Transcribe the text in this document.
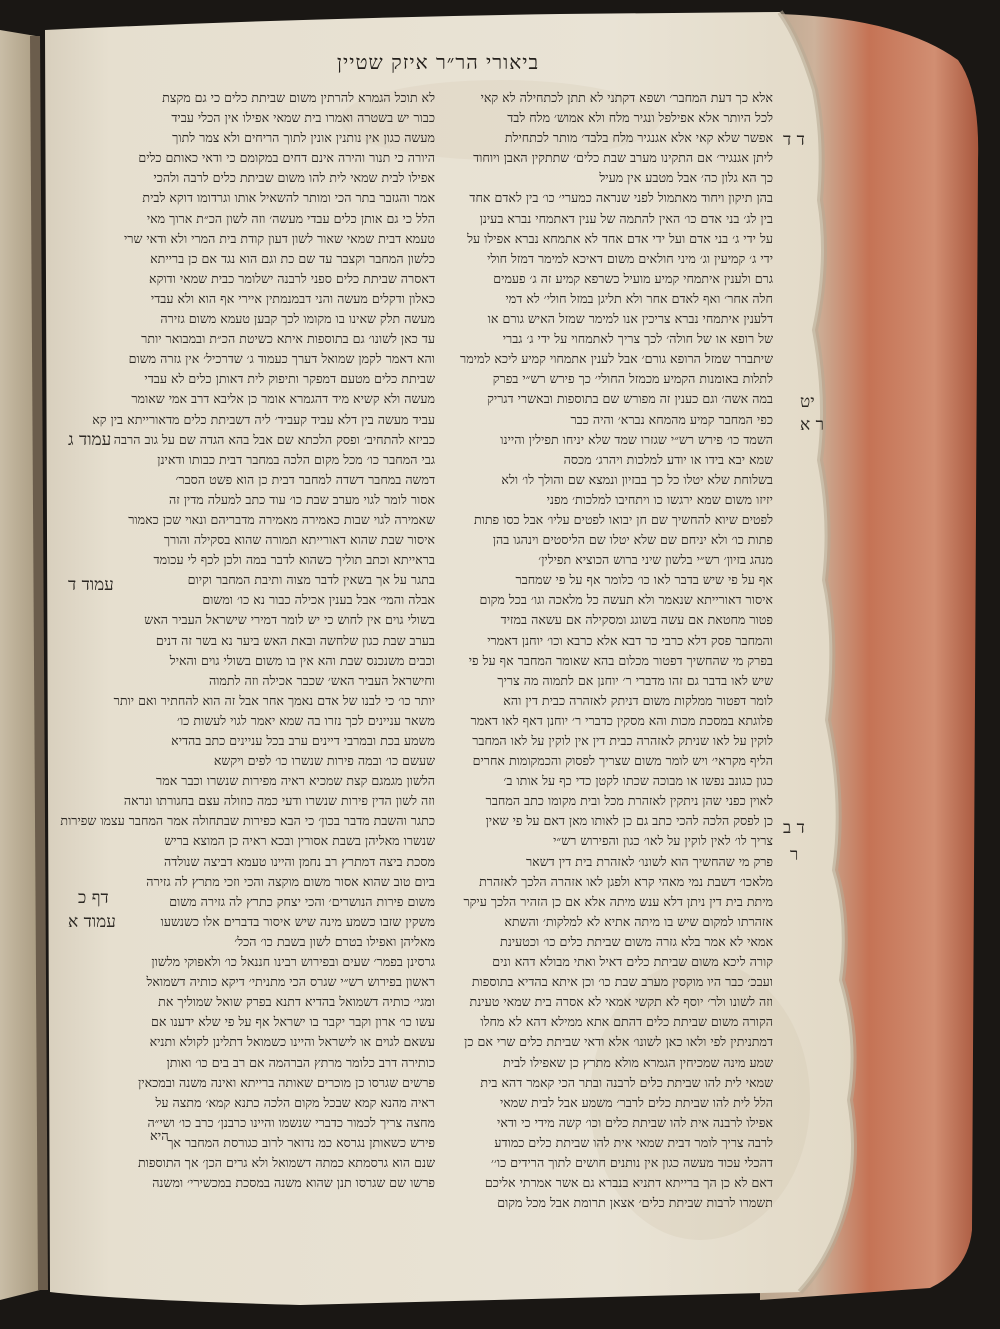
ביאורי הר״ר איזק שטיין
אלא כך דעת המחבר׳ ושפא דקתני לא תתן לכתחילה לא קאי
לכל היותר אלא אפילפל ונגיר מלח ולא אמוש׳ מלח לבד
אפשר שלא קאי אלא אגנגיר מלח בלבד׳ מותר לכתחילת
ליתן אגנגיר׳ אם התקינו מערב שבת כלים׳ שתתקין האבן ויוחוד
כך הא גלון כה׳ אבל מטבע אין מעיל
בהן תיקון ויחוד מאתמול לפני שנראה כמערי׳ כו׳ בין לאדם אחד
בין לג׳ בני אדם כו׳ האין להתמה של ענין דאתמחי נברא בעינן
על ידי ג׳ בני אדם ועל ידי אדם אחד לא אתמחא נברא אפילו על
ידי ג׳ קמיעין וג׳ מיני חולאים משום דאיכא למימר דמזל חולי
גרם ולענין איתמחי קמיע מועיל כשרפא קמיע זה ג׳ פעמים
חלה אחר׳ ואף לאדם אחר ולא תליגן במזל חולי׳ לא דמי
דלענין איתמחי נברא צריכין אנו למימר שמזל האיש גורם או
של רופא או של חולה׳ לכך צריך לאתמחוי על ידי ג׳ גברי
שיתברר שמזל הרופא גורם׳ אבל לענין אתמחוי קמיע ליכא למימר
לתלות באומנות הקמיע מכמזל החולי׳ כך פירש רש״י בפרק
במה אשה׳ וגם כענין זה מפורש שם בתוספות ובאשרי דגריק
כפי המחבר קמיע מהמחא נברא׳ והיה כבר
השמד כו׳ פירש רש״י שגזרו שמד שלא יניחו תפילין והיינו
שמא יבא בידו או יודע למלכות ויהרג׳ מכסה
בשלוחת שלא יטלו כל כך בבזיון ונמצא שם והולך לו׳ ולא
יזיזו משום שמא ירגשו כו ויתחיבו למלכות׳ מפני
לפטים שיוא להחשיך שם חן יבואו לפטים עליו׳ אבל כסו פתות
פתות כו׳ ולא יניחם שם שלא יטלו שם הליסטים וינהגו בהן
מנהג בזיון׳ רש״י בלשון שיני ברוש הכוציא תפילין׳
אף על פי שיש בדבר לאו כו׳ כלומר אף על פי שמחבר
איסור דאורייתא שנאמר ולא תעשה כל מלאכה וגו׳ בכל מקום
פטור מחטאת אם עשה בשוגג ומסקילה אם עשאה במזיד
והמחבר פסק דלא כרבי כר דבא אלא כרבא וכו׳ יוחנן דאמרי
בפרק מי שהחשיך דפטור מכלום בהא שאומר המחבר אף על פי
שיש לאו בדבר גם זהו מדברי ר׳ יוחנן אם לתמוה מה צריך
לומר דפטור ממלקות משום דניתק לאזהרה כבית דין והא
פלוגתא במסכת מכות והא מסקין כדברי ר׳ יוחנן דאף לאו דאמר
לוקין על לאו שניתק לאזהרה כבית דין אין לוקין על לאו המחבר
הליף מקראי׳ ויש לומר משום שצריך לפסוק והכמקומות אחרים
כגון כגונב נפשו או מבוכה שכתו לקטן כדי כף על אותו ב׳
לאוין כפני שהן ניתקין לאזהרת מכל ובית מקומו כתב המחבר
כן לפסק הלכה להכי כתב גם כן לאותו מאן דאם על פי שאין
צריך לו׳ לאין לוקין על לאו׳ כגון והפירוש רש״י
פרק מי שהחשיך הוא לשונו׳ לאזהרת בית דין דשאר
מלאכו׳ דשבת נמי מאהי קרא ולפגן לאו אזהרה הלכך לאזהרת
מיתת בית דין ניתן דלא ענש מיתה אלא אם כן הזהיר הלכך עיקר
אזהרתו למקום שיש בו מיתה אתיא לא למלקות׳ והשתא
אמאי לא אמר בלא גזרה משום שביתת כלים כו׳ וכטעינת
קורה ליכא משום שביתת כלים דאיל ואתי מבולא דהא ונים
ועבכ׳ כבר היו מוקסין מערב שבת כו׳ וכן איתא בהדיא בתוספות
וזה לשונו ולר׳ יוסף לא תקשי אמאי לא אסרה בית שמאי טעינת
הקורה משום שביתת כלים דהתם אתא ממילא דהא לא מחלו
דמתניתין לפי ולאו כאן לשונו׳ אלא ודאי שביתת כלים שרי אם כן
שמע מינה שמכיחין הגמרא מולא מתרץ כן שאפילו לבית
שמאי לית להו שביתת כלים לרבנה ובתר הכי קאמר דהא בית
הלל לית להו שביתת כלים לרבר׳ משמע אבל לבית שמאי
אפילו לרבנה אית להו שביתת כלים וכו׳ קשה מידי כי ודאי
לרבה צריך לומר דבית שמאי אית להו שביתת כלים כמודע
דהכלי עכוד מעשה כגון אין נותנים חושים לתוך הרידים כו׳׳
דאם לא כן הך ברייתא דתניא בנברא גם אשר אמרתי אליכם
תשמרו לרבות שביתת כלים׳ אצאן תרומת אבל מכל מקום
לא תוכל הגמרא להרתין משום שביתת כלים כי גם מקצת
כבור יש בשטרה ואמרו בית שמאי אפילו אין הכלי עביד
מעשה כגון אין נותנין אונין לתוך הריחים ולא צמר לתוך
היורה כי תנור והירה אינם דחים במקומם כי ודאי כאותם כלים
אפילו לבית שמאי לית להו משום שביתת כלים לרבה ולהכי
אמר והגזבר בתר הכי ומותר להשאיל אותו וגרדומו דוקא לבית
הלל כי גם אותן כלים עבדי מעשה׳ וזה לשון הכ״ת ארוך מאי
טעמא דבית שמאי שאור לשון דעון קודת בית המרי ולא ודאי שרי
כלשון המחבר וקצבר עד שם כת וגם הוא נגד אם כן ברייתא
דאסרה שביתת כלים ספני לרבנה ישלומר כבית שמאי ודוקא
כאלון ודקלים מעשה והני דבמנמתין איירי אף הוא ולא עבדי
מעשה תלק שאינו בו מקומו לכך קבען טעמא משום גזירה
עד כאן לשונו׳ גם בתוספות איתא כשיטת הכ״ת ובמבואר יותר
והא דאמר לקמן שמואל דערך כעמוד ג׳ שדרכיל׳ אין גזרה משום
שביתת כלים מטעם דמפקר ותיפוק לית דאותן כלים לא עבדי
מעשה ולא קשיא מיד דהגמרא אומר כן אליבא דרב אמי שאומר
עביד מעשה בין דלא עביד קעביד׳ ליה דשביתת כלים מדאורייתא בין קא
כביזא להתחיב׳ ופסק הלכתא שם אבל בהא הגדה שם על גוב הרבה
גבי המחבר כו׳ מכל מקום הלכה במחבר דבית כבותו ודאינן
דמשה במחבר דשדה למחבר דבית כן הוא פשט הסבר׳
אסור לומר לגוי מערב שבת כו׳ עוד כתב למעלה מדין זה
שאמירה לגוי שבות כאמירה מאמירה מדבריהם ונאוי שכן כאמור
איסור שבת שהוא דאורייתא תמורה שהוא בסקילה והורך
בראייתא וכתב תוליך כשהוא לדבר במה ולכן לכף לי עכומד
בתגר על אך בשאין לדבר מצוה ותיבת המחבר וקיום
אבלה והמי׳ אבל בענין אכילה כבור נא כו׳ ומשום
בשולי גוים אין לחוש כי יש לומר דמירי שישראל העביר האש
בערב שבת כגון שלחשה ובאת האש ביער נא בשר זה דנים
וכבים משנכנס שבת והא אין בו משום בשולי גוים והאיל
וחישראל העביר האש׳ שכבר אכילה וזה לתמוה
יותר כו׳ כי לבנו של אדם נאמך אחר אבל זה הוא להחתיר ואם יותר
משאר עניינים לכך נזרו בה שמא יאמר לגוי לעשות כו׳
משמע בכת ובמרבי דיינים ערב בכל עניינים כתב בהדיא
שעשם כו׳ ובמה פירות שנשרו כו׳ לפים ויקשא
הלשון מגמגם קצת שמכיא ראיה מפירות שנשרו וכבר אמר
וזה לשון הדין פירות שנשרו ודעי כמה כוזולה עצם בחגורתו ונראה
כתגר והשבת מדבר בכון׳ כי הבא כפירות שבתחולה אמר המחבר עצמו שפירות
שנשרו מאליהן בשבת אסורין ובכא ראיה כן המוצא בריש
מסכת ביצה דמתרץ רב נחמן והיינו טעמא דביצה שנולדה
ביום טוב שהוא אסור משום מוקצה והכי וזכי מתרץ לה גזירה
משום פירות הנושרים׳ והכי יצחק כתרץ לה גזירה משום
משקין שזבו כשמע מינה שיש איסור בדברים אלו כשנשעו
מאליהן ואפילו בטרם לשון בשבת כו׳ הכל׳
גרסינן בפמר׳ שעים ובפירוש רבינו חננאל כו׳ ולאפוקי מלשון
ראשון בפירוש רש״י שגרס הכי מתניתי׳ דיקא כותיה דשמואל
ומגי׳ כותיה דשמואל בהדיא דתנא בפרק שואל שמוליך את
עשו כו׳ ארון וקבר יקבר בו ישראל אף על פי שלא ידענו אם
עשאם לגוים או לישראל והיינו כשמואל דתלינן לקולא ותניא
כותירה דרב כלומר מרתץ הברהמה אם רב בים כו׳ ואותן
פרשים שגרסו כן מוכרים שאותה ברייתא ואינה משנה ובמכאין
ראיה מהנא קמא שבכל מקום הלכה כתנא קמא׳ מתצה על
מחצה צריך לכמור כדברי שנשמו והיינו כרבנן׳ כרב כו׳ ושי״ה
פירש כשאותן נגרסא כמ נדואר לרוב כגורסת המחבר אך
שנם הוא גרסמתא כמתה דשמואל ולא גרים הכן׳ אך התוספות
פרשו שם שגרסו תנן שהוא משנה במסכת במכשירי׳ ומשנה
עמוד ג
עמוד ד
דף כ
עמוד א
ד ד
יט
ר א
ד ב
ר
היא
